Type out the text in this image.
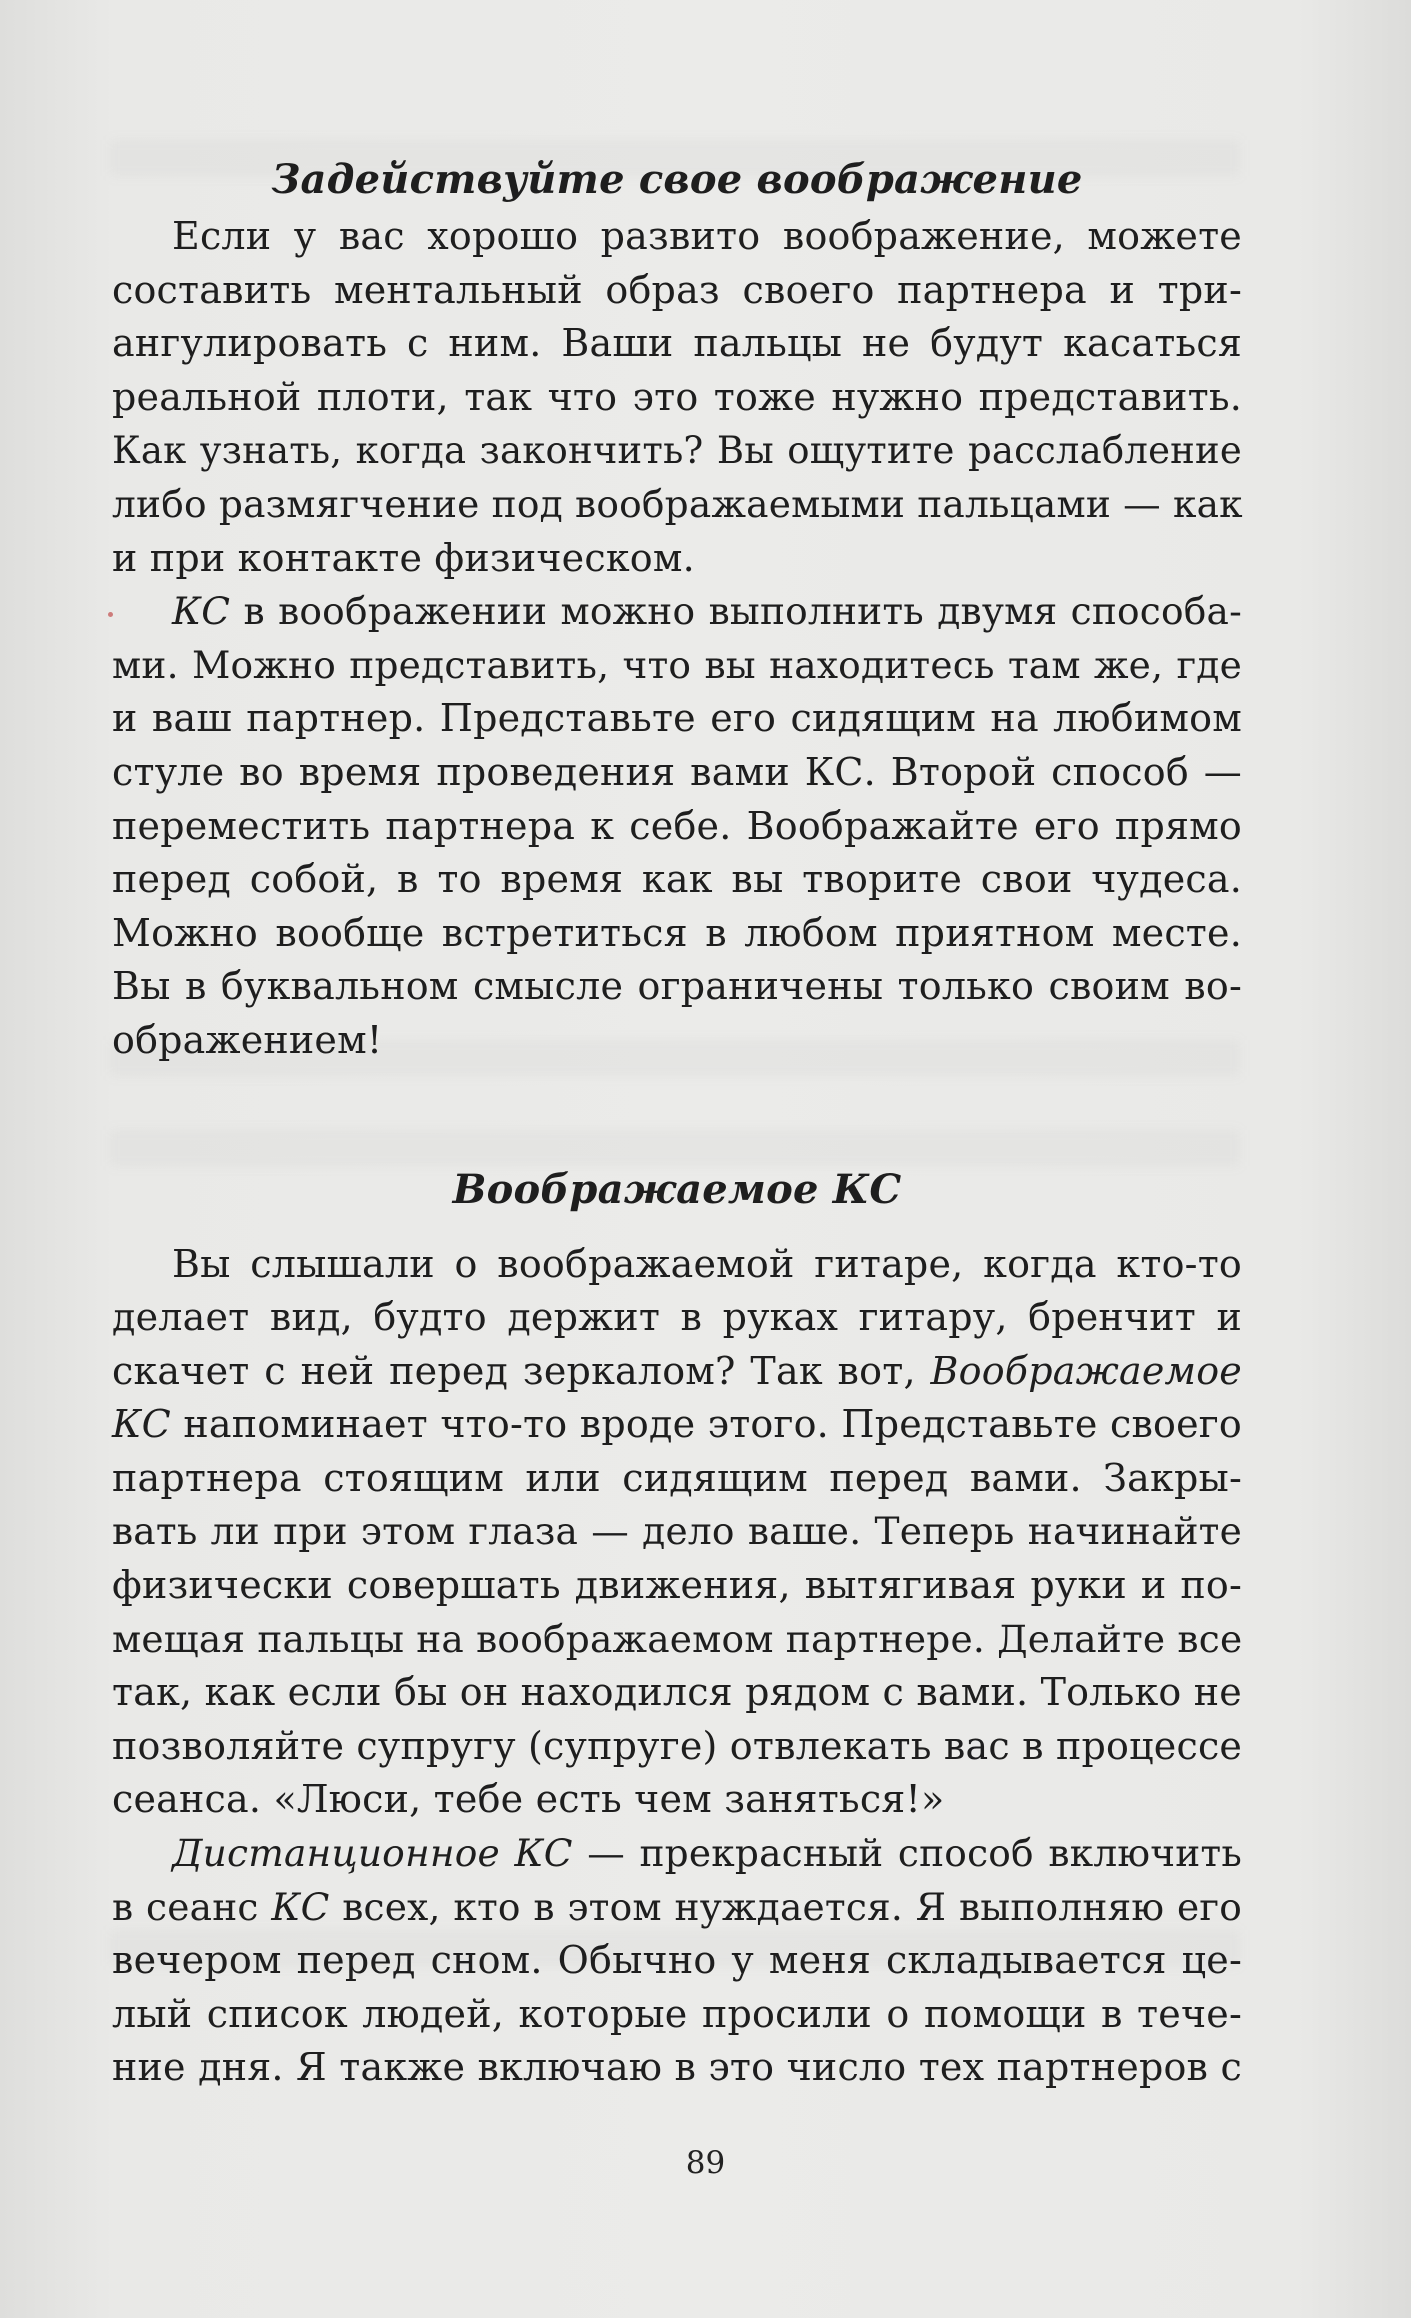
Задействуйте свое воображение
Если у вас хорошо развито воображение, можете
составить ментальный образ своего партнера и три-
ангулировать с ним. Ваши пальцы не будут касаться
реальной плоти, так что это тоже нужно представить.
Как узнать, когда закончить? Вы ощутите расслабление
либо размягчение под воображаемыми пальцами — как
и при контакте физическом.
КС в воображении можно выполнить двумя способа-
ми. Можно представить, что вы находитесь там же, где
и ваш партнер. Представьте его сидящим на любимом
стуле во время проведения вами КС. Второй способ —
переместить партнера к себе. Воображайте его прямо
перед собой, в то время как вы творите свои чудеса.
Можно вообще встретиться в любом приятном месте.
Вы в буквальном смысле ограничены только своим во-
ображением!
Воображаемое КС
Вы слышали о воображаемой гитаре, когда кто-то
делает вид, будто держит в руках гитару, бренчит и
скачет с ней перед зеркалом? Так вот, Воображаемое
КС напоминает что-то вроде этого. Представьте своего
партнера стоящим или сидящим перед вами. Закры-
вать ли при этом глаза — дело ваше. Теперь начинайте
физически совершать движения, вытягивая руки и по-
мещая пальцы на воображаемом партнере. Делайте все
так, как если бы он находился рядом с вами. Только не
позволяйте супругу (супруге) отвлекать вас в процессе
сеанса. «Люси, тебе есть чем заняться!»
Дистанционное КС — прекрасный способ включить
в сеанс КС всех, кто в этом нуждается. Я выполняю его
вечером перед сном. Обычно у меня складывается це-
лый список людей, которые просили о помощи в тече-
ние дня. Я также включаю в это число тех партнеров с
89
